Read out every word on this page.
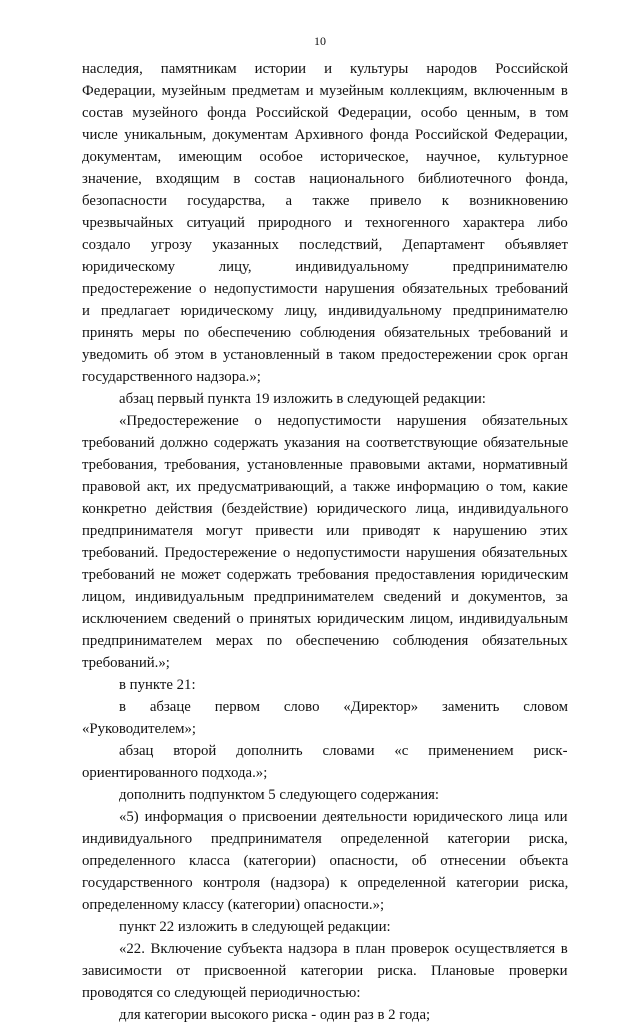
10
наследия, памятникам истории и культуры народов Российской
Федерации, музейным предметам и музейным коллекциям, включенным в
состав музейного фонда Российской Федерации, особо ценным, в том
числе уникальным, документам Архивного фонда Российской Федерации,
документам, имеющим особое историческое, научное, культурное
значение, входящим в состав национального библиотечного фонда,
безопасности государства, а также привело к возникновению
чрезвычайных ситуаций природного и техногенного характера либо
создало угрозу указанных последствий, Департамент объявляет
юридическому лицу, индивидуальному предпринимателю
предостережение о недопустимости нарушения обязательных требований
и предлагает юридическому лицу, индивидуальному предпринимателю
принять меры по обеспечению соблюдения обязательных требований и
уведомить об этом в установленный в таком предостережении срок орган
государственного надзора.»;
абзац первый пункта 19 изложить в следующей редакции:
«Предостережение о недопустимости нарушения обязательных
требований должно содержать указания на соответствующие обязательные
требования, требования, установленные правовыми актами, нормативный
правовой акт, их предусматривающий, а также информацию о том, какие
конкретно действия (бездействие) юридического лица, индивидуального
предпринимателя могут привести или приводят к нарушению этих
требований. Предостережение о недопустимости нарушения обязательных
требований не может содержать требования предоставления юридическим
лицом, индивидуальным предпринимателем сведений и документов, за
исключением сведений о принятых юридическим лицом, индивидуальным
предпринимателем мерах по обеспечению соблюдения обязательных
требований.»;
в пункте 21:
в абзаце первом слово «Директор» заменить словом
«Руководителем»;
абзац второй дополнить словами «с применением риск-
ориентированного подхода.»;
дополнить подпунктом 5 следующего содержания:
«5) информация о присвоении деятельности юридического лица или
индивидуального предпринимателя определенной категории риска,
определенного класса (категории) опасности, об отнесении объекта
государственного контроля (надзора) к определенной категории риска,
определенному классу (категории) опасности.»;
пункт 22 изложить в следующей редакции:
«22. Включение субъекта надзора в план проверок осуществляется в
зависимости от присвоенной категории риска. Плановые проверки
проводятся со следующей периодичностью:
для категории высокого риска - один раз в 2 года;
